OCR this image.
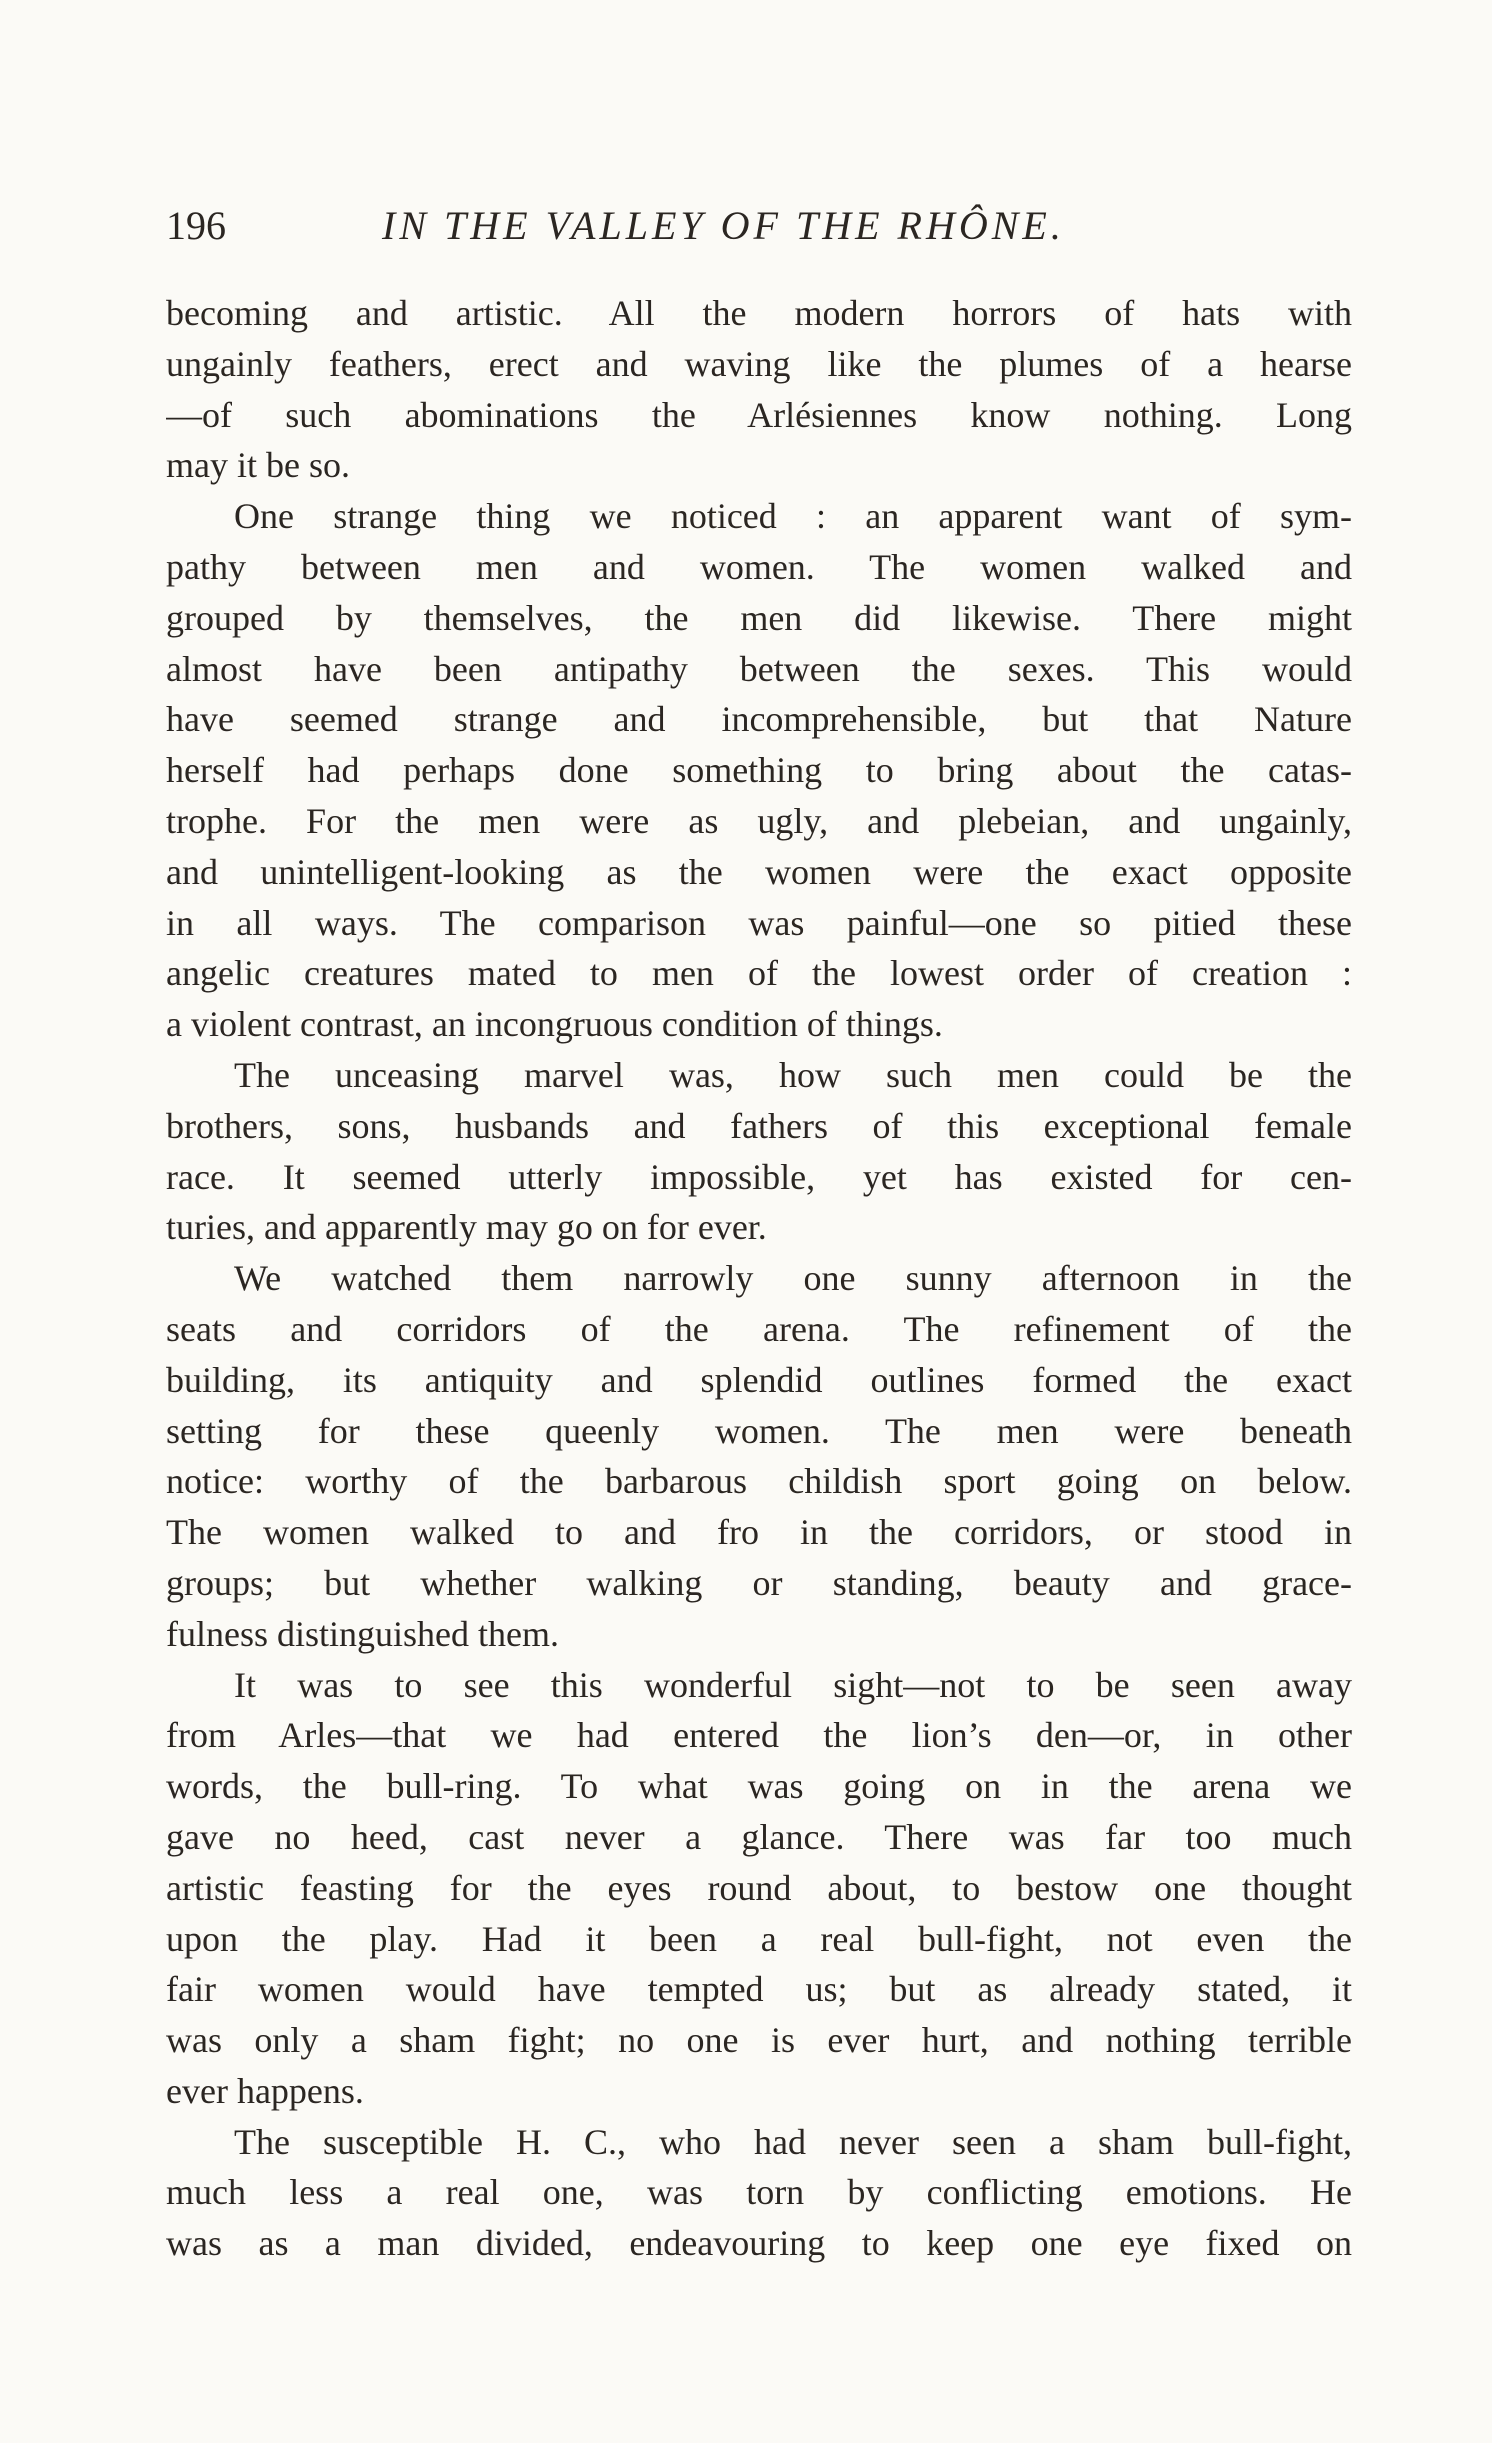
196	IN THE VALLEY OF THE RHÔNE.
becoming and artistic. All the modern horrors of hats with
ungainly feathers, erect and waving like the plumes of a hearse
—of such abominations the Arlésiennes know nothing. Long
may it be so.
One strange thing we noticed : an apparent want of sym-
pathy between men and women. The women walked and
grouped by themselves, the men did likewise. There might
almost have been antipathy between the sexes. This would
have seemed strange and incomprehensible, but that Nature
herself had perhaps done something to bring about the catas-
trophe. For the men were as ugly, and plebeian, and ungainly,
and unintelligent-looking as the women were the exact opposite
in all ways. The comparison was painful—one so pitied these
angelic creatures mated to men of the lowest order of creation :
a violent contrast, an incongruous condition of things.
The unceasing marvel was, how such men could be the
brothers, sons, husbands and fathers of this exceptional female
race. It seemed utterly impossible, yet has existed for cen-
turies, and apparently may go on for ever.
We watched them narrowly one sunny afternoon in the
seats and corridors of the arena. The refinement of the
building, its antiquity and splendid outlines formed the exact
setting for these queenly women. The men were beneath
notice: worthy of the barbarous childish sport going on below.
The women walked to and fro in the corridors, or stood in
groups; but whether walking or standing, beauty and grace-
fulness distinguished them.
It was to see this wonderful sight—not to be seen away
from Arles—that we had entered the lion’s den—or, in other
words, the bull-ring. To what was going on in the arena we
gave no heed, cast never a glance. There was far too much
artistic feasting for the eyes round about, to bestow one thought
upon the play. Had it been a real bull-fight, not even the
fair women would have tempted us; but as already stated, it
was only a sham fight; no one is ever hurt, and nothing terrible
ever happens.
The susceptible H. C., who had never seen a sham bull-fight,
much less a real one, was torn by conflicting emotions. He
was as a man divided, endeavouring to keep one eye fixed on
